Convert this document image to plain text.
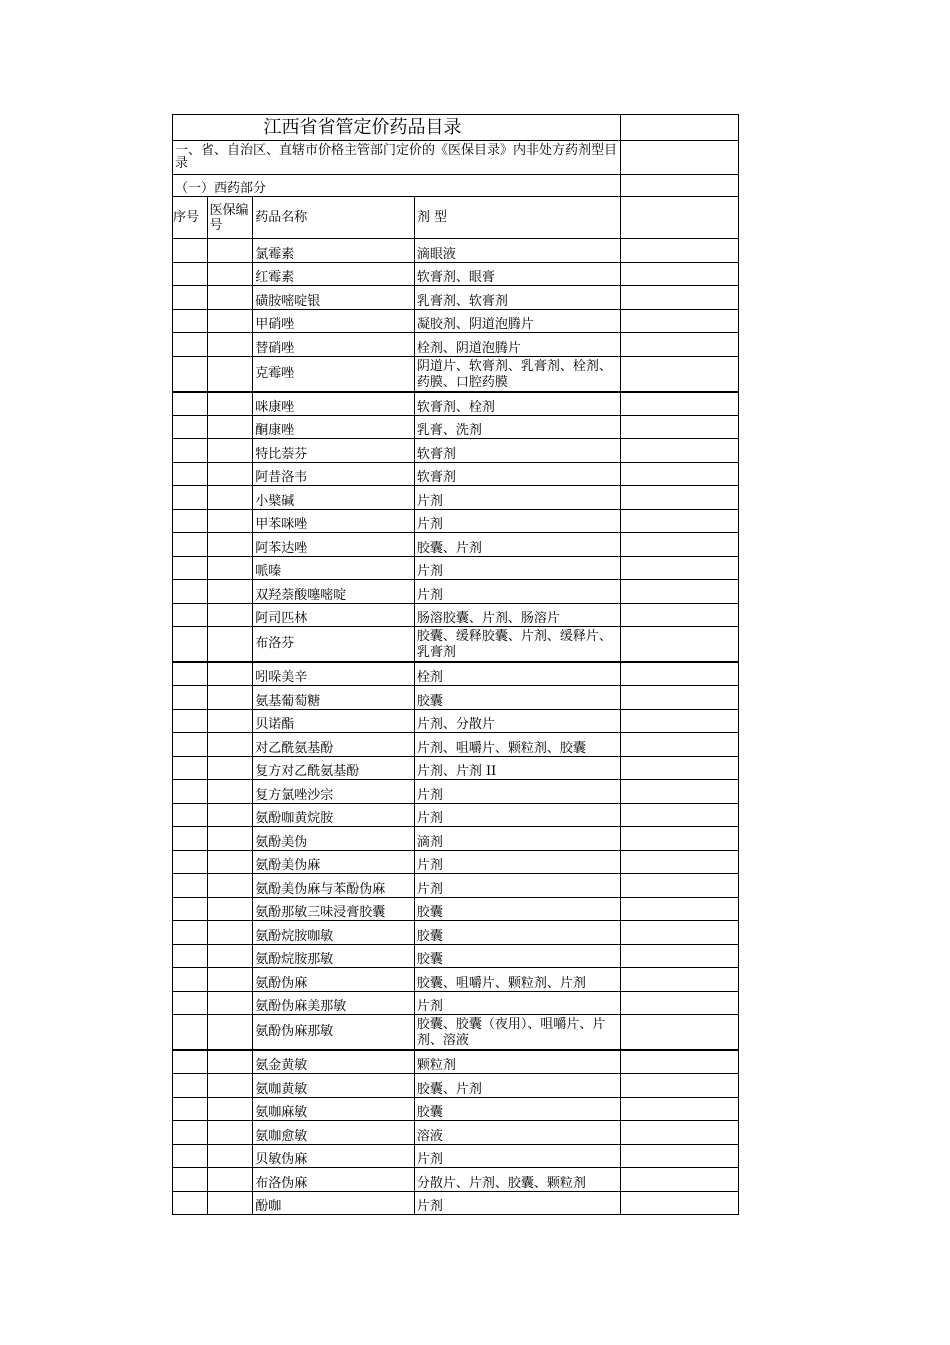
江西省省管定价药品目录				
一、省、自治区、直辖市价格主管部门定价的《医保目录》内非处方药剂型目录				
（一）西药部分				
序号	医保编号	药品名称	剂 型	
		氯霉素	滴眼液	
		红霉素	软膏剂、眼膏	
		磺胺嘧啶银	乳膏剂、软膏剂	
		甲硝唑	凝胶剂、阴道泡腾片	
		替硝唑	栓剂、阴道泡腾片	
		克霉唑	阴道片、软膏剂、乳膏剂、栓剂、药膜、口腔药膜	
		咪康唑	软膏剂、栓剂	
		酮康唑	乳膏、洗剂	
		特比萘芬	软膏剂	
		阿昔洛韦	软膏剂	
		小檗碱	片剂	
		甲苯咪唑	片剂	
		阿苯达唑	胶囊、片剂	
		哌嗪	片剂	
		双羟萘酸噻嘧啶	片剂	
		阿司匹林	肠溶胶囊、片剂、肠溶片	
		布洛芬	胶囊、缓释胶囊、片剂、缓释片、乳膏剂	
		吲哚美辛	栓剂	
		氨基葡萄糖	胶囊	
		贝诺酯	片剂、分散片	
		对乙酰氨基酚	片剂、咀嚼片、颗粒剂、胶囊	
		复方对乙酰氨基酚	片剂、片剂 II	
		复方氯唑沙宗	片剂	
		氨酚咖黄烷胺	片剂	
		氨酚美伪	滴剂	
		氨酚美伪麻	片剂	
		氨酚美伪麻与苯酚伪麻	片剂	
		氨酚那敏三味浸膏胶囊	胶囊	
		氨酚烷胺咖敏	胶囊	
		氨酚烷胺那敏	胶囊	
		氨酚伪麻	胶囊、咀嚼片、颗粒剂、片剂	
		氨酚伪麻美那敏	片剂	
		氨酚伪麻那敏	胶囊、胶囊（夜用）、咀嚼片、片剂、溶液	
		氨金黄敏	颗粒剂	
		氨咖黄敏	胶囊、片剂	
		氨咖麻敏	胶囊	
		氨咖愈敏	溶液	
		贝敏伪麻	片剂	
		布洛伪麻	分散片、片剂、胶囊、颗粒剂	
		酚咖	片剂	
